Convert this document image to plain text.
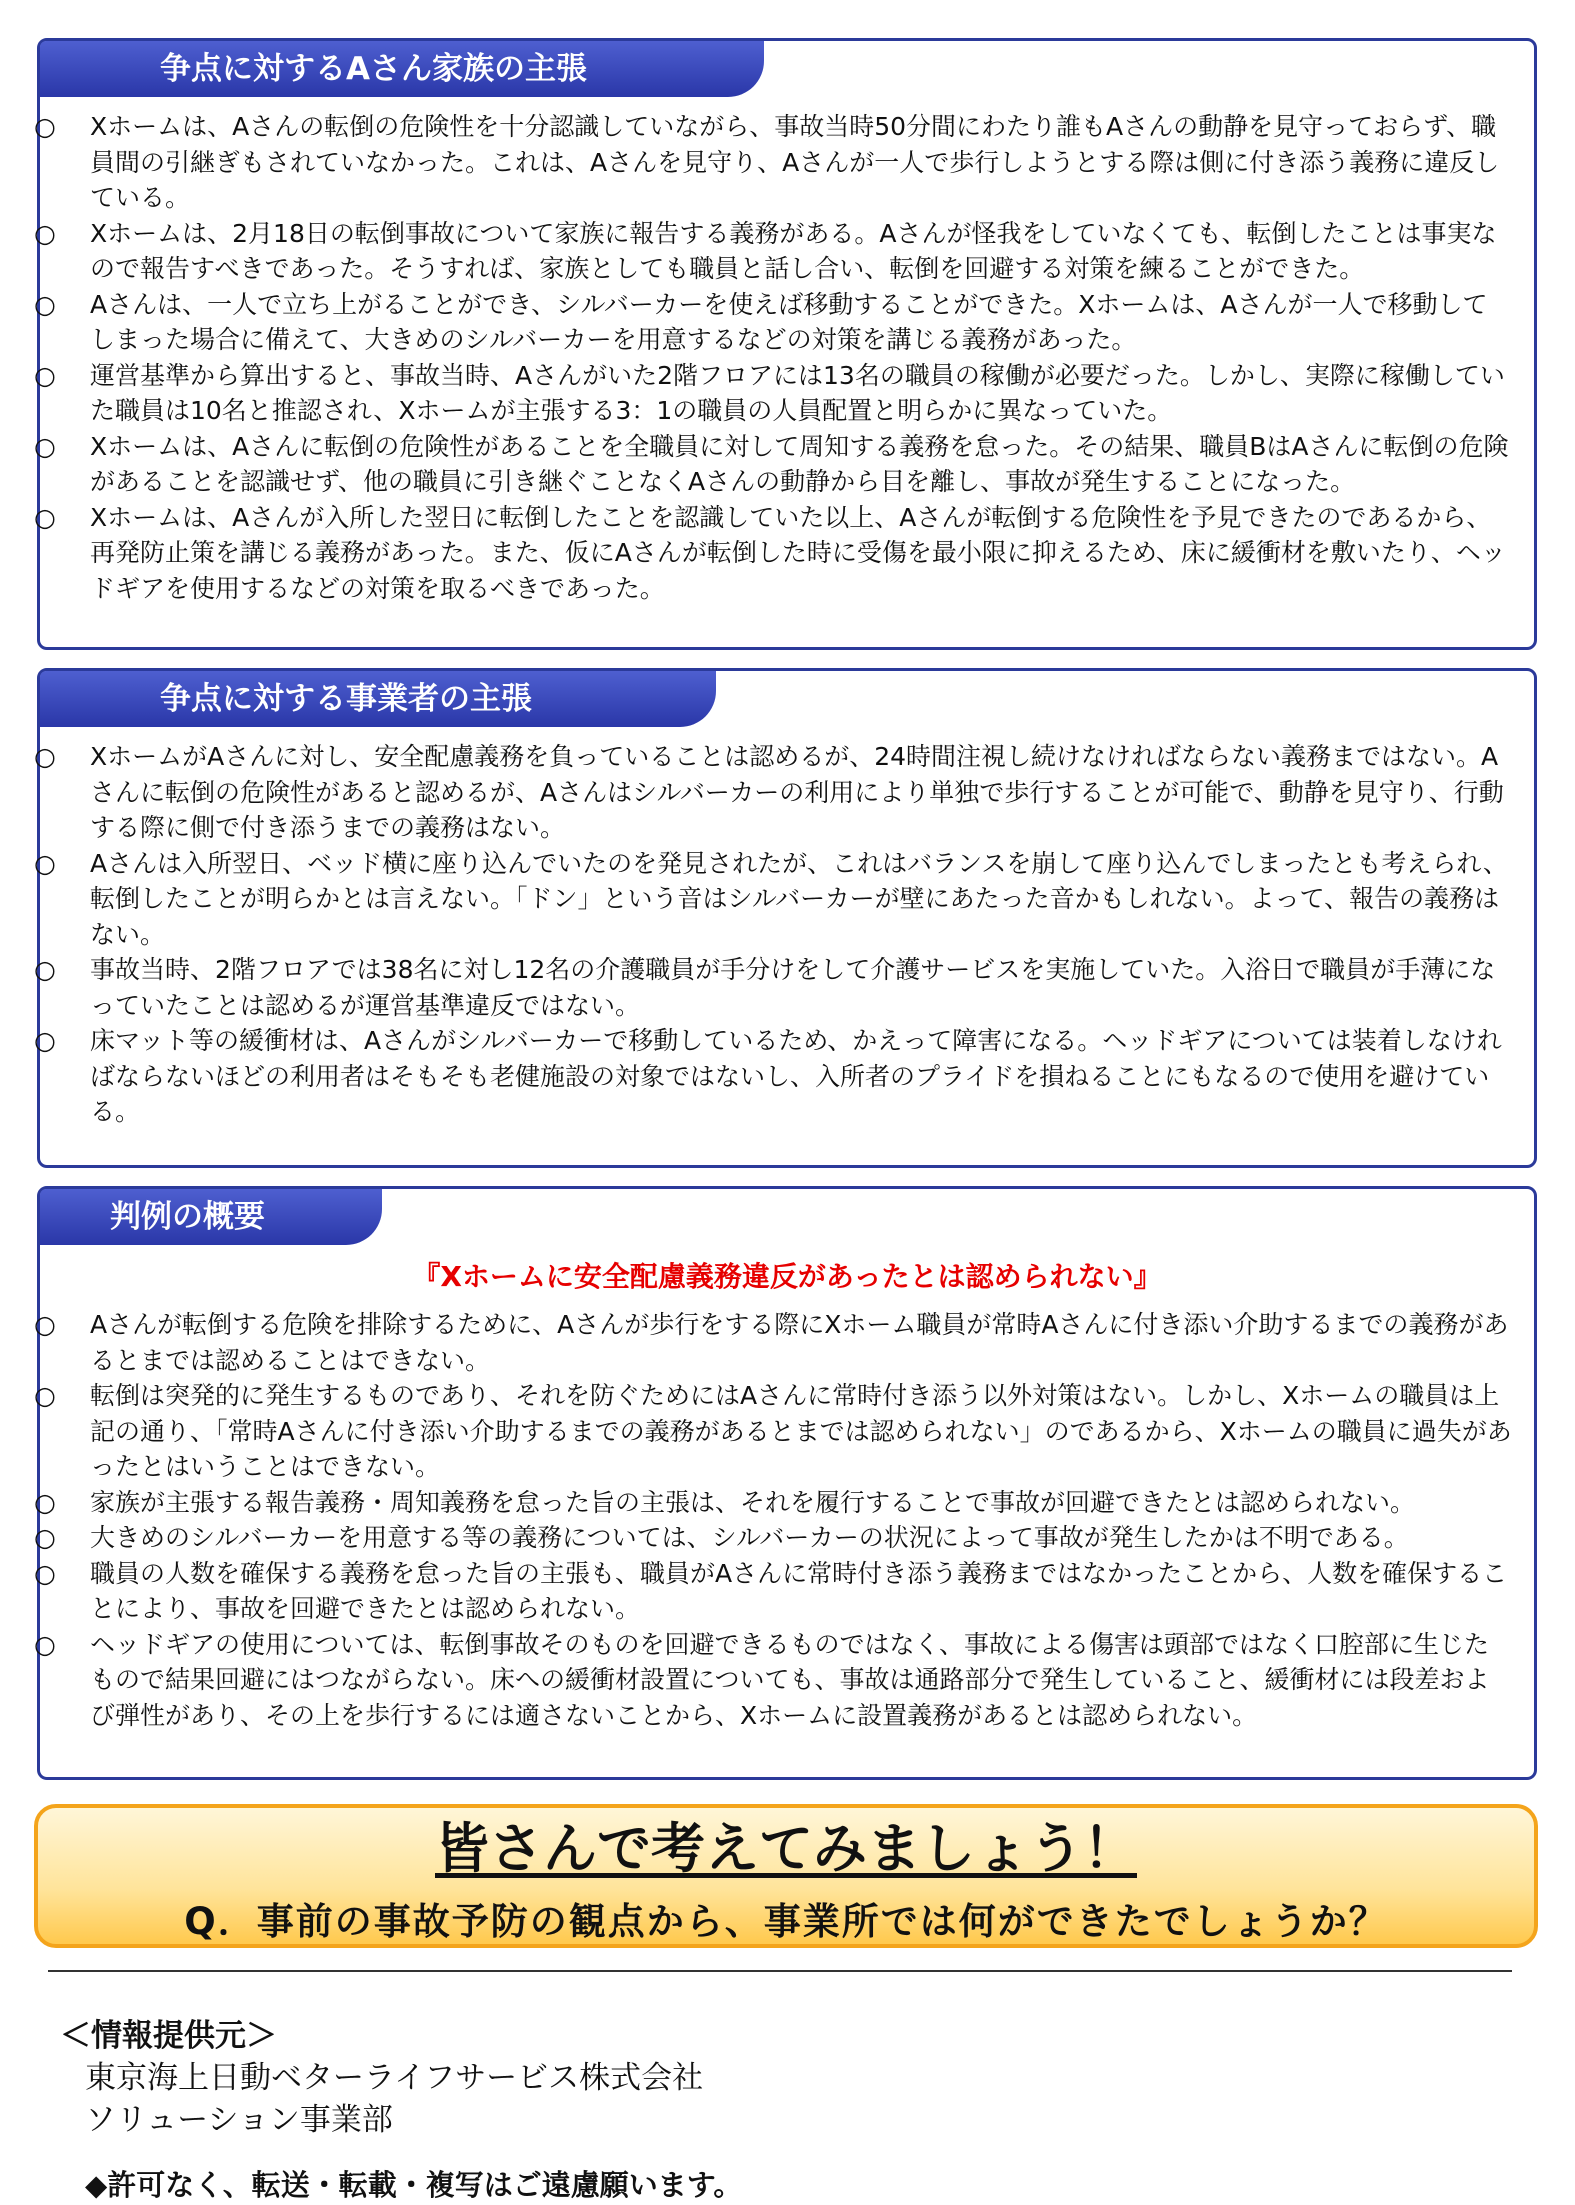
争点に対するAさん家族の主張

○ Xホームは、Aさんの転倒の危険性を十分認識していながら、事故当時50分間にわたり誰もAさんの動静を見守っておらず、職員間の引継ぎもされていなかった。これは、Aさんを見守り、Aさんが一人で歩行しようとする際は側に付き添う義務に違反している。

○ Xホームは、2月18日の転倒事故について家族に報告する義務がある。Aさんが怪我をしていなくても、転倒したことは事実なので報告すべきであった。そうすれば、家族としても職員と話し合い、転倒を回避する対策を練ることができた。

○ Aさんは、一人で立ち上がることができ、シルバーカーを使えば移動することができた。Xホームは、Aさんが一人で移動してしまった場合に備えて、大きめのシルバーカーを用意するなどの対策を講じる義務があった。

○ 運営基準から算出すると、事故当時、Aさんがいた2階フロアには13名の職員の稼働が必要だった。しかし、実際に稼働していた職員は10名と推認され、Xホームが主張する3：1の職員の人員配置と明らかに異なっていた。

○ Xホームは、Aさんに転倒の危険性があることを全職員に対して周知する義務を怠った。その結果、職員BはAさんに転倒の危険があることを認識せず、他の職員に引き継ぐことなくAさんの動静から目を離し、事故が発生することになった。

○ Xホームは、Aさんが入所した翌日に転倒したことを認識していた以上、Aさんが転倒する危険性を予見できたのであるから、再発防止策を講じる義務があった。また、仮にAさんが転倒した時に受傷を最小限に抑えるため、床に緩衝材を敷いたり、ヘッドギアを使用するなどの対策を取るべきであった。

争点に対する事業者の主張

○ XホームがAさんに対し、安全配慮義務を負っていることは認めるが、24時間注視し続けなければならない義務まではない。Aさんに転倒の危険性があると認めるが、Aさんはシルバーカーの利用により単独で歩行することが可能で、動静を見守り、行動する際に側で付き添うまでの義務はない。

○ Aさんは入所翌日、ベッド横に座り込んでいたのを発見されたが、これはバランスを崩して座り込んでしまったとも考えられ、転倒したことが明らかとは言えない。「ドン」という音はシルバーカーが壁にあたった音かもしれない。よって、報告の義務はない。

○ 事故当時、2階フロアでは38名に対し12名の介護職員が手分けをして介護サービスを実施していた。入浴日で職員が手薄になっていたことは認めるが運営基準違反ではない。

○ 床マット等の緩衝材は、Aさんがシルバーカーで移動しているため、かえって障害になる。ヘッドギアについては装着しなければならないほどの利用者はそもそも老健施設の対象ではないし、入所者のプライドを損ねることにもなるので使用を避けている。

判例の概要
『Xホームに安全配慮義務違反があったとは認められない』

○ Aさんが転倒する危険を排除するために、Aさんが歩行をする際にXホーム職員が常時Aさんに付き添い介助するまでの義務があるとまでは認めることはできない。

○ 転倒は突発的に発生するものであり、それを防ぐためにはAさんに常時付き添う以外対策はない。しかし、Xホームの職員は上記の通り、「常時Aさんに付き添い介助するまでの義務があるとまでは認められない」のであるから、Xホームの職員に過失があったとはいうことはできない。

○ 家族が主張する報告義務・周知義務を怠った旨の主張は、それを履行することで事故が回避できたとは認められない。

○ 大きめのシルバーカーを用意する等の義務については、シルバーカーの状況によって事故が発生したかは不明である。

○ 職員の人数を確保する義務を怠った旨の主張も、職員がAさんに常時付き添う義務まではなかったことから、人数を確保することにより、事故を回避できたとは認められない。

○ ヘッドギアの使用については、転倒事故そのものを回避できるものではなく、事故による傷害は頭部ではなく口腔部に生じたもので結果回避にはつながらない。床への緩衝材設置についても、事故は通路部分で発生していること、緩衝材には段差および弾性があり、その上を歩行するには適さないことから、Xホームに設置義務があるとは認められない。

皆さんで考えてみましょう！
Q．事前の事故予防の観点から、事業所では何ができたでしょうか？
＜情報提供元＞
東京海上日動ベターライフサービス株式会社
ソリューション事業部
◆許可なく、転送・転載・複写はご遠慮願います。
